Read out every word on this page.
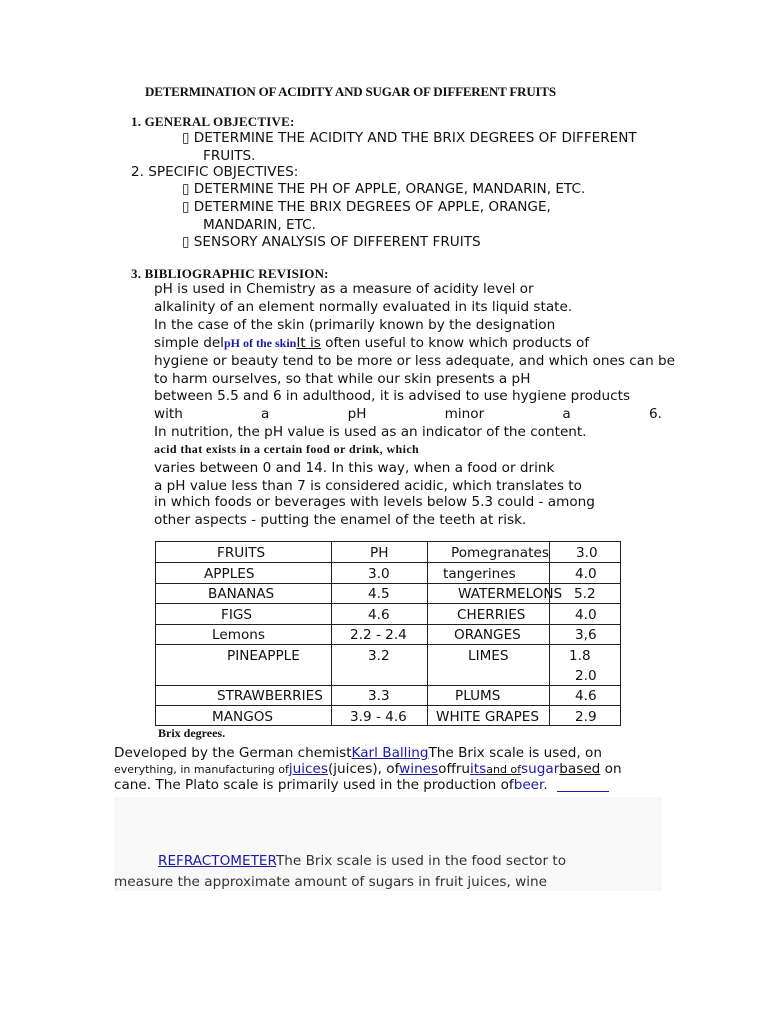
DETERMINATION OF ACIDITY AND SUGAR OF DIFFERENT FRUITS
1. GENERAL OBJECTIVE:
▯ DETERMINE THE ACIDITY AND THE BRIX DEGREES OF DIFFERENT
FRUITS.
2. SPECIFIC OBJECTIVES:
▯ DETERMINE THE PH OF APPLE, ORANGE, MANDARIN, ETC.
▯ DETERMINE THE BRIX DEGREES OF APPLE, ORANGE,
MANDARIN, ETC.
▯ SENSORY ANALYSIS OF DIFFERENT FRUITS
3. BIBLIOGRAPHIC REVISION:
pH is used in Chemistry as a measure of acidity level or
alkalinity of an element normally evaluated in its liquid state.
In the case of the skin (primarily known by the designation
simple delpH of the skinIt is often useful to know which products of
hygiene or beauty tend to be more or less adequate, and which ones can be
to harm ourselves, so that while our skin presents a pH
between 5.5 and 6 in adulthood, it is advised to use hygiene products
with	a	pH	minor	a	6.
In nutrition, the pH value is used as an indicator of the content.
acid that exists in a certain food or drink, which
varies between 0 and 14. In this way, when a food or drink
a pH value less than 7 is considered acidic, which translates to
in which foods or beverages with levels below 5.3 could - among
other aspects - putting the enamel of the teeth at risk.
FRUITS	PH	Pomegranates 3.0
APPLES	3.0	tangerines	4.0
BANANAS	4.5	WATERMELONS 5.2
FIGS	4.6	CHERRIES	4.0
Lemons	2.2 - 2.4	ORANGES	3,6
PINEAPPLE	3.2	LIMES	1.8
2.0
STRAWBERRIES	3.3	PLUMS	4.6
MANGOS	3.9 - 4.6 WHITE GRAPES	2.9
Brix degrees.
Developed by the German chemistKarl BallingThe Brix scale is used, on
everything, in manufacturing ofjuices(juices), ofwinesoffruitsand ofsugarbased on
cane. The Plato scale is primarily used in the production ofbeer.
REFRACTOMETERThe Brix scale is used in the food sector to
measure the approximate amount of sugars in fruit juices, wine
